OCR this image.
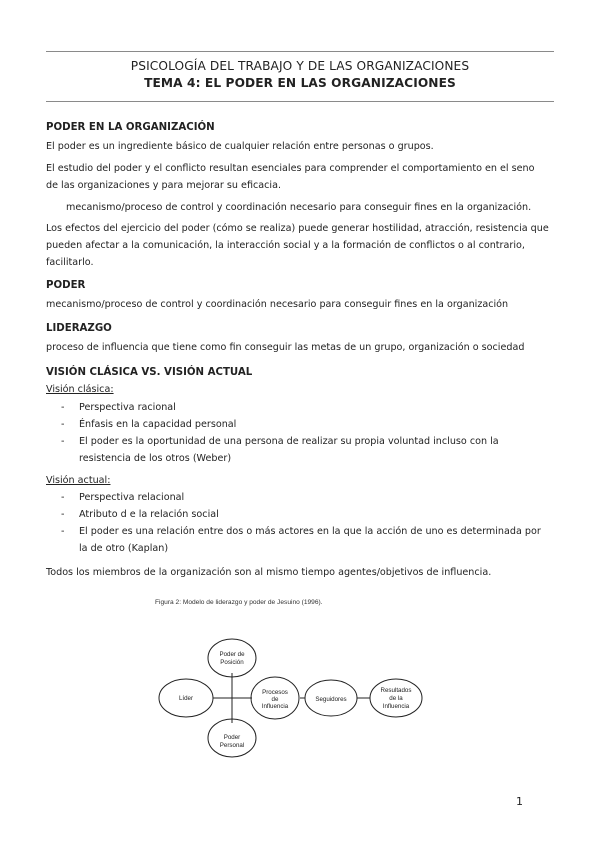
PSICOLOGÍA DEL TRABAJO Y DE LAS ORGANIZACIONES
TEMA 4: EL PODER EN LAS ORGANIZACIONES
PODER EN LA ORGANIZACIÓN
El poder es un ingrediente básico de cualquier relación entre personas o grupos.
El estudio del poder y el conflicto resultan esenciales para comprender el comportamiento en el seno
de las organizaciones y para mejorar su eficacia.
mecanismo/proceso de control y coordinación necesario para conseguir fines en la organización.
Los efectos del ejercicio del poder (cómo se realiza) puede generar hostilidad, atracción, resistencia que
pueden afectar a la comunicación, la interacción social y a la formación de conflictos o al contrario,
facilitarlo.
PODER
mecanismo/proceso de control y coordinación necesario para conseguir fines en la organización
LIDERAZGO
proceso de influencia que tiene como fin conseguir las metas de un grupo, organización o sociedad
VISIÓN CLÁSICA VS. VISIÓN ACTUAL
Visión clásica:
- Perspectiva racional
- Énfasis en la capacidad personal
- El poder es la oportunidad de una persona de realizar su propia voluntad incluso con la
resistencia de los otros (Weber)
Visión actual:
- Perspectiva relacional
- Atributo d e la relación social
- El poder es una relación entre dos o más actores en la que la acción de uno es determinada por
la de otro (Kaplan)
Todos los miembros de la organización son al mismo tiempo agentes/objetivos de influencia.
Figura 2: Modelo de liderazgo y poder de Jesuino (1996).
Líder
Poder de
Posición
Poder
Personal
Procesos
de
Influencia
Seguidores
Resultados
de la
Influencia
1
